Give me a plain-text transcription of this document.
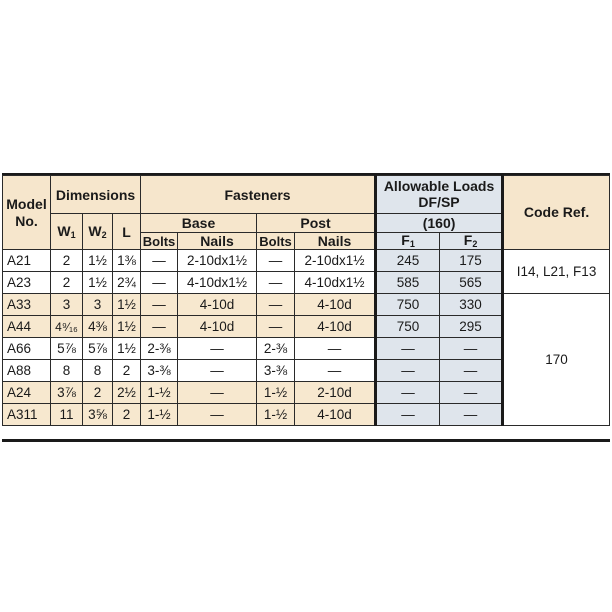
Model No.	Dimensions			Fasteners				Allowable Loads
DF/SP		Code Ref.
	$W_1$	$W_2$	L	Base		Post		(160)		
				Bolts	Nails	Bolts	Nails	$F_1$	$F_2$
A21	2	1½	1⅜	—	2-10dx1½	—	2-10dx1½	245	175	I14, L21, F13
A23	2	1½	2¾	—	4-10dx1½	—	4-10dx1½	585	565	
A33	3	3	1½	—	4-10d	—	4-10d	750	330	170
A44	4⁹⁄₁₆	4⅜	1½	—	4-10d	—	4-10d	750	295	
A66	5⅞	5⅞	1½	2-⅜	—	2-⅜	—	—	—	
A88	8	8	2	3-⅜	—	3-⅜	—	—	—	
A24	3⅞	2	2½	1-½	—	1-½	2-10d	—	—	
A311	11	3⅝	2	1-½	—	1-½	4-10d	—	—	
